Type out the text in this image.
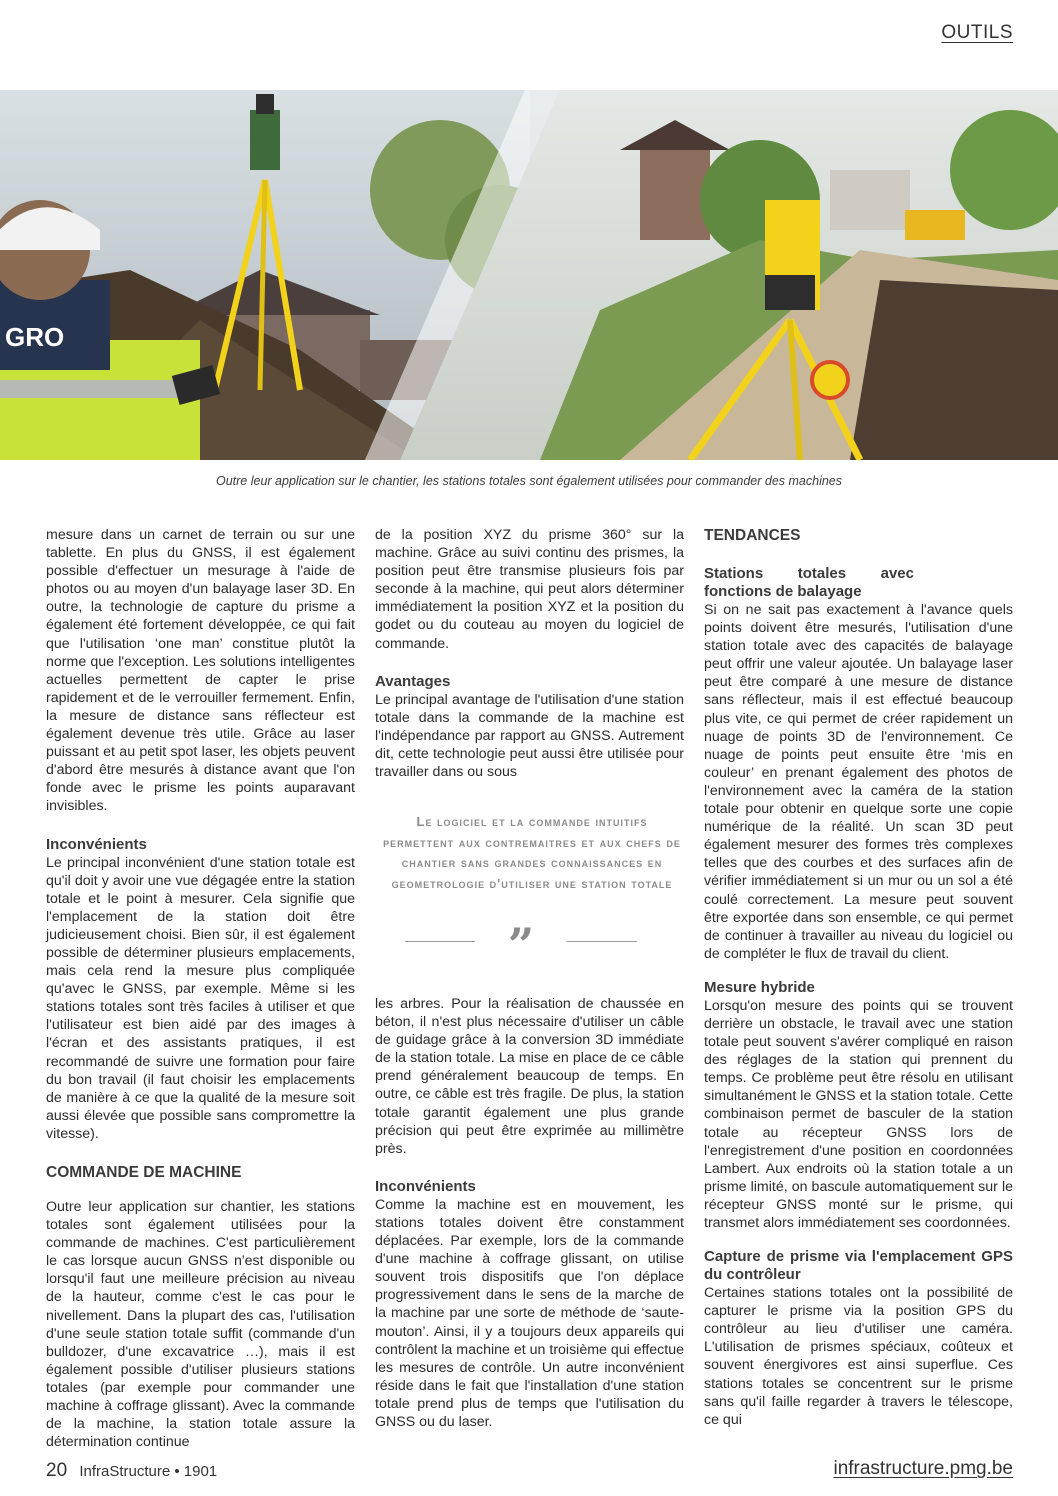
OUTILS
GRO
Outre leur application sur le chantier, les stations totales sont également utilisées pour commander des machines

mesure dans un carnet de terrain ou sur une tablette. En plus du GNSS, il est également possible d'effectuer un mesurage à l'aide de photos ou au moyen d'un balayage laser 3D. En outre, la technologie de capture du prisme a également été fortement développée, ce qui fait que l'utilisation ‘one man’ constitue plutôt la norme que l'exception. Les solutions intelligentes actuelles permettent de capter le prise rapidement et de le verrouiller fermement. Enfin, la mesure de distance sans réflecteur est également devenue très utile. Grâce au laser puissant et au petit spot laser, les objets peuvent d'abord être mesurés à distance avant que l'on fonde avec le prisme les points auparavant invisibles.

Inconvénients

Le principal inconvénient d'une station totale est qu'il doit y avoir une vue dégagée entre la station totale et le point à mesurer. Cela signifie que l'emplacement de la station doit être judicieusement choisi. Bien sûr, il est également possible de déterminer plusieurs emplacements, mais cela rend la mesure plus compliquée qu'avec le GNSS, par exemple. Même si les stations totales sont très faciles à utiliser et que l'utilisateur est bien aidé par des images à l'écran et des assistants pratiques, il est recommandé de suivre une formation pour faire du bon travail (il faut choisir les emplacements de manière à ce que la qualité de la mesure soit aussi élevée que possible sans compromettre la vitesse).

COMMANDE DE MACHINE

Outre leur application sur chantier, les stations totales sont également utilisées pour la commande de machines. C'est particulièrement le cas lorsque aucun GNSS n'est disponible ou lorsqu'il faut une meilleure précision au niveau de la hauteur, comme c'est le cas pour le nivellement. Dans la plupart des cas, l'utilisation d'une seule station totale suffit (commande d'un bulldozer, d'une excavatrice …), mais il est également possible d'utiliser plusieurs stations totales (par exemple pour commander une machine à coffrage glissant). Avec la commande de la machine, la station totale assure la détermination continue

de la position XYZ du prisme 360° sur la machine. Grâce au suivi continu des prismes, la position peut être transmise plusieurs fois par seconde à la machine, qui peut alors déterminer immédiatement la position XYZ et la position du godet ou du couteau au moyen du logiciel de commande.

Avantages

Le principal avantage de l'utilisation d'une station totale dans la commande de la machine est l'indépendance par rapport au GNSS. Autrement dit, cette technologie peut aussi être utilisée pour travailler dans ou sous

Le logiciel et la commande intuitifs permettent aux contremaitres et aux chefs de chantier sans grandes connaissances en geometrologie d'utiliser une station totale
”

les arbres. Pour la réalisation de chaussée en béton, il n'est plus nécessaire d'utiliser un câble de guidage grâce à la conversion 3D immédiate de la station totale. La mise en place de ce câble prend généralement beaucoup de temps. En outre, ce câble est très fragile. De plus, la station totale garantit également une plus grande précision qui peut être exprimée au millimètre près.

Inconvénients

Comme la machine est en mouvement, les stations totales doivent être constamment déplacées. Par exemple, lors de la commande d'une machine à coffrage glissant, on utilise souvent trois dispositifs que l'on déplace progressivement dans le sens de la marche de la machine par une sorte de méthode de ‘saute-mouton’. Ainsi, il y a toujours deux appareils qui contrôlent la machine et un troisième qui effectue les mesures de contrôle. Un autre inconvénient réside dans le fait que l'installation d'une station totale prend plus de temps que l'utilisation du GNSS ou du laser.

TENDANCES

Stations totales avec fonctions de balayage

Si on ne sait pas exactement à l'avance quels points doivent être mesurés, l'utilisation d'une station totale avec des capacités de balayage peut offrir une valeur ajoutée. Un balayage laser peut être comparé à une mesure de distance sans réflecteur, mais il est effectué beaucoup plus vite, ce qui permet de créer rapidement un nuage de points 3D de l'environnement. Ce nuage de points peut ensuite être ‘mis en couleur’ en prenant également des photos de l'environnement avec la caméra de la station totale pour obtenir en quelque sorte une copie numérique de la réalité. Un scan 3D peut également mesurer des formes très complexes telles que des courbes et des surfaces afin de vérifier immédiatement si un mur ou un sol a été coulé correctement. La mesure peut souvent être exportée dans son ensemble, ce qui permet de continuer à travailler au niveau du logiciel ou de compléter le flux de travail du client.

Mesure hybride

Lorsqu'on mesure des points qui se trouvent derrière un obstacle, le travail avec une station totale peut souvent s'avérer compliqué en raison des réglages de la station qui prennent du temps. Ce problème peut être résolu en utilisant simultanément le GNSS et la station totale. Cette combinaison permet de basculer de la station totale au récepteur GNSS lors de l'enregistrement d'une position en coordonnées Lambert. Aux endroits où la station totale a un prisme limité, on bascule automatiquement sur le récepteur GNSS monté sur le prisme, qui transmet alors immédiatement ses coordonnées.

Capture de prisme via l'emplacement GPS du contrôleur

Certaines stations totales ont la possibilité de capturer le prisme via la position GPS du contrôleur au lieu d'utiliser une caméra. L'utilisation de prismes spéciaux, coûteux et souvent énergivores est ainsi superflue. Ces stations totales se concentrent sur le prisme sans qu'il faille regarder à travers le télescope, ce qui

20 InfraStructure • 1901	infrastructure.pmg.be
